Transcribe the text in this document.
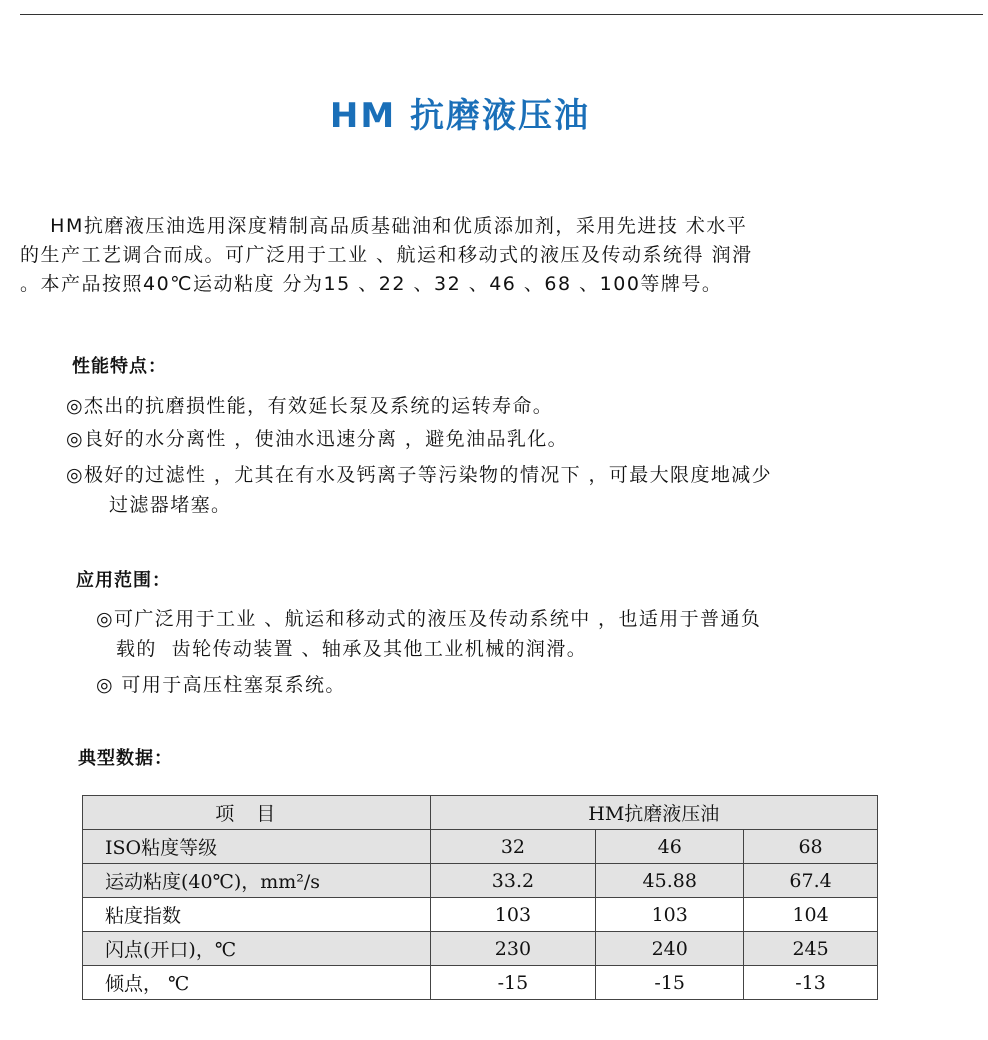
HM 抗磨液压油
HM抗磨液压油选用深度精制高品质基础油和优质添加剂，采用先进技 术水平
的生产工艺调合而成。可广泛用于工业 、航运和移动式的液压及传动系统得 润滑
。本产品按照40℃运动粘度 分为15 、22 、32 、46 、68 、100等牌号。
性能特点：
◎杰出的抗磨损性能，有效延长泵及系统的运转寿命。
◎良好的水分离性 ，使油水迅速分离 ，避免油品乳化。
◎极好的过滤性 ，尤其在有水及钙离子等污染物的情况下 ，可最大限度地减少
过滤器堵塞。
应用范围：
◎可广泛用于工业 、航运和移动式的液压及传动系统中 ，也适用于普通负
载的  齿轮传动装置 、轴承及其他工业机械的润滑。
◎ 可用于高压柱塞泵系统。
典型数据：
项目	HM抗磨液压油		
ISO粘度等级	32	46	68
运动粘度(40℃)，mm²/s	33.2	45.88	67.4
粘度指数	103	103	104
闪点(开口)，℃	230	240	245
倾点， ℃	-15	-15	-13
